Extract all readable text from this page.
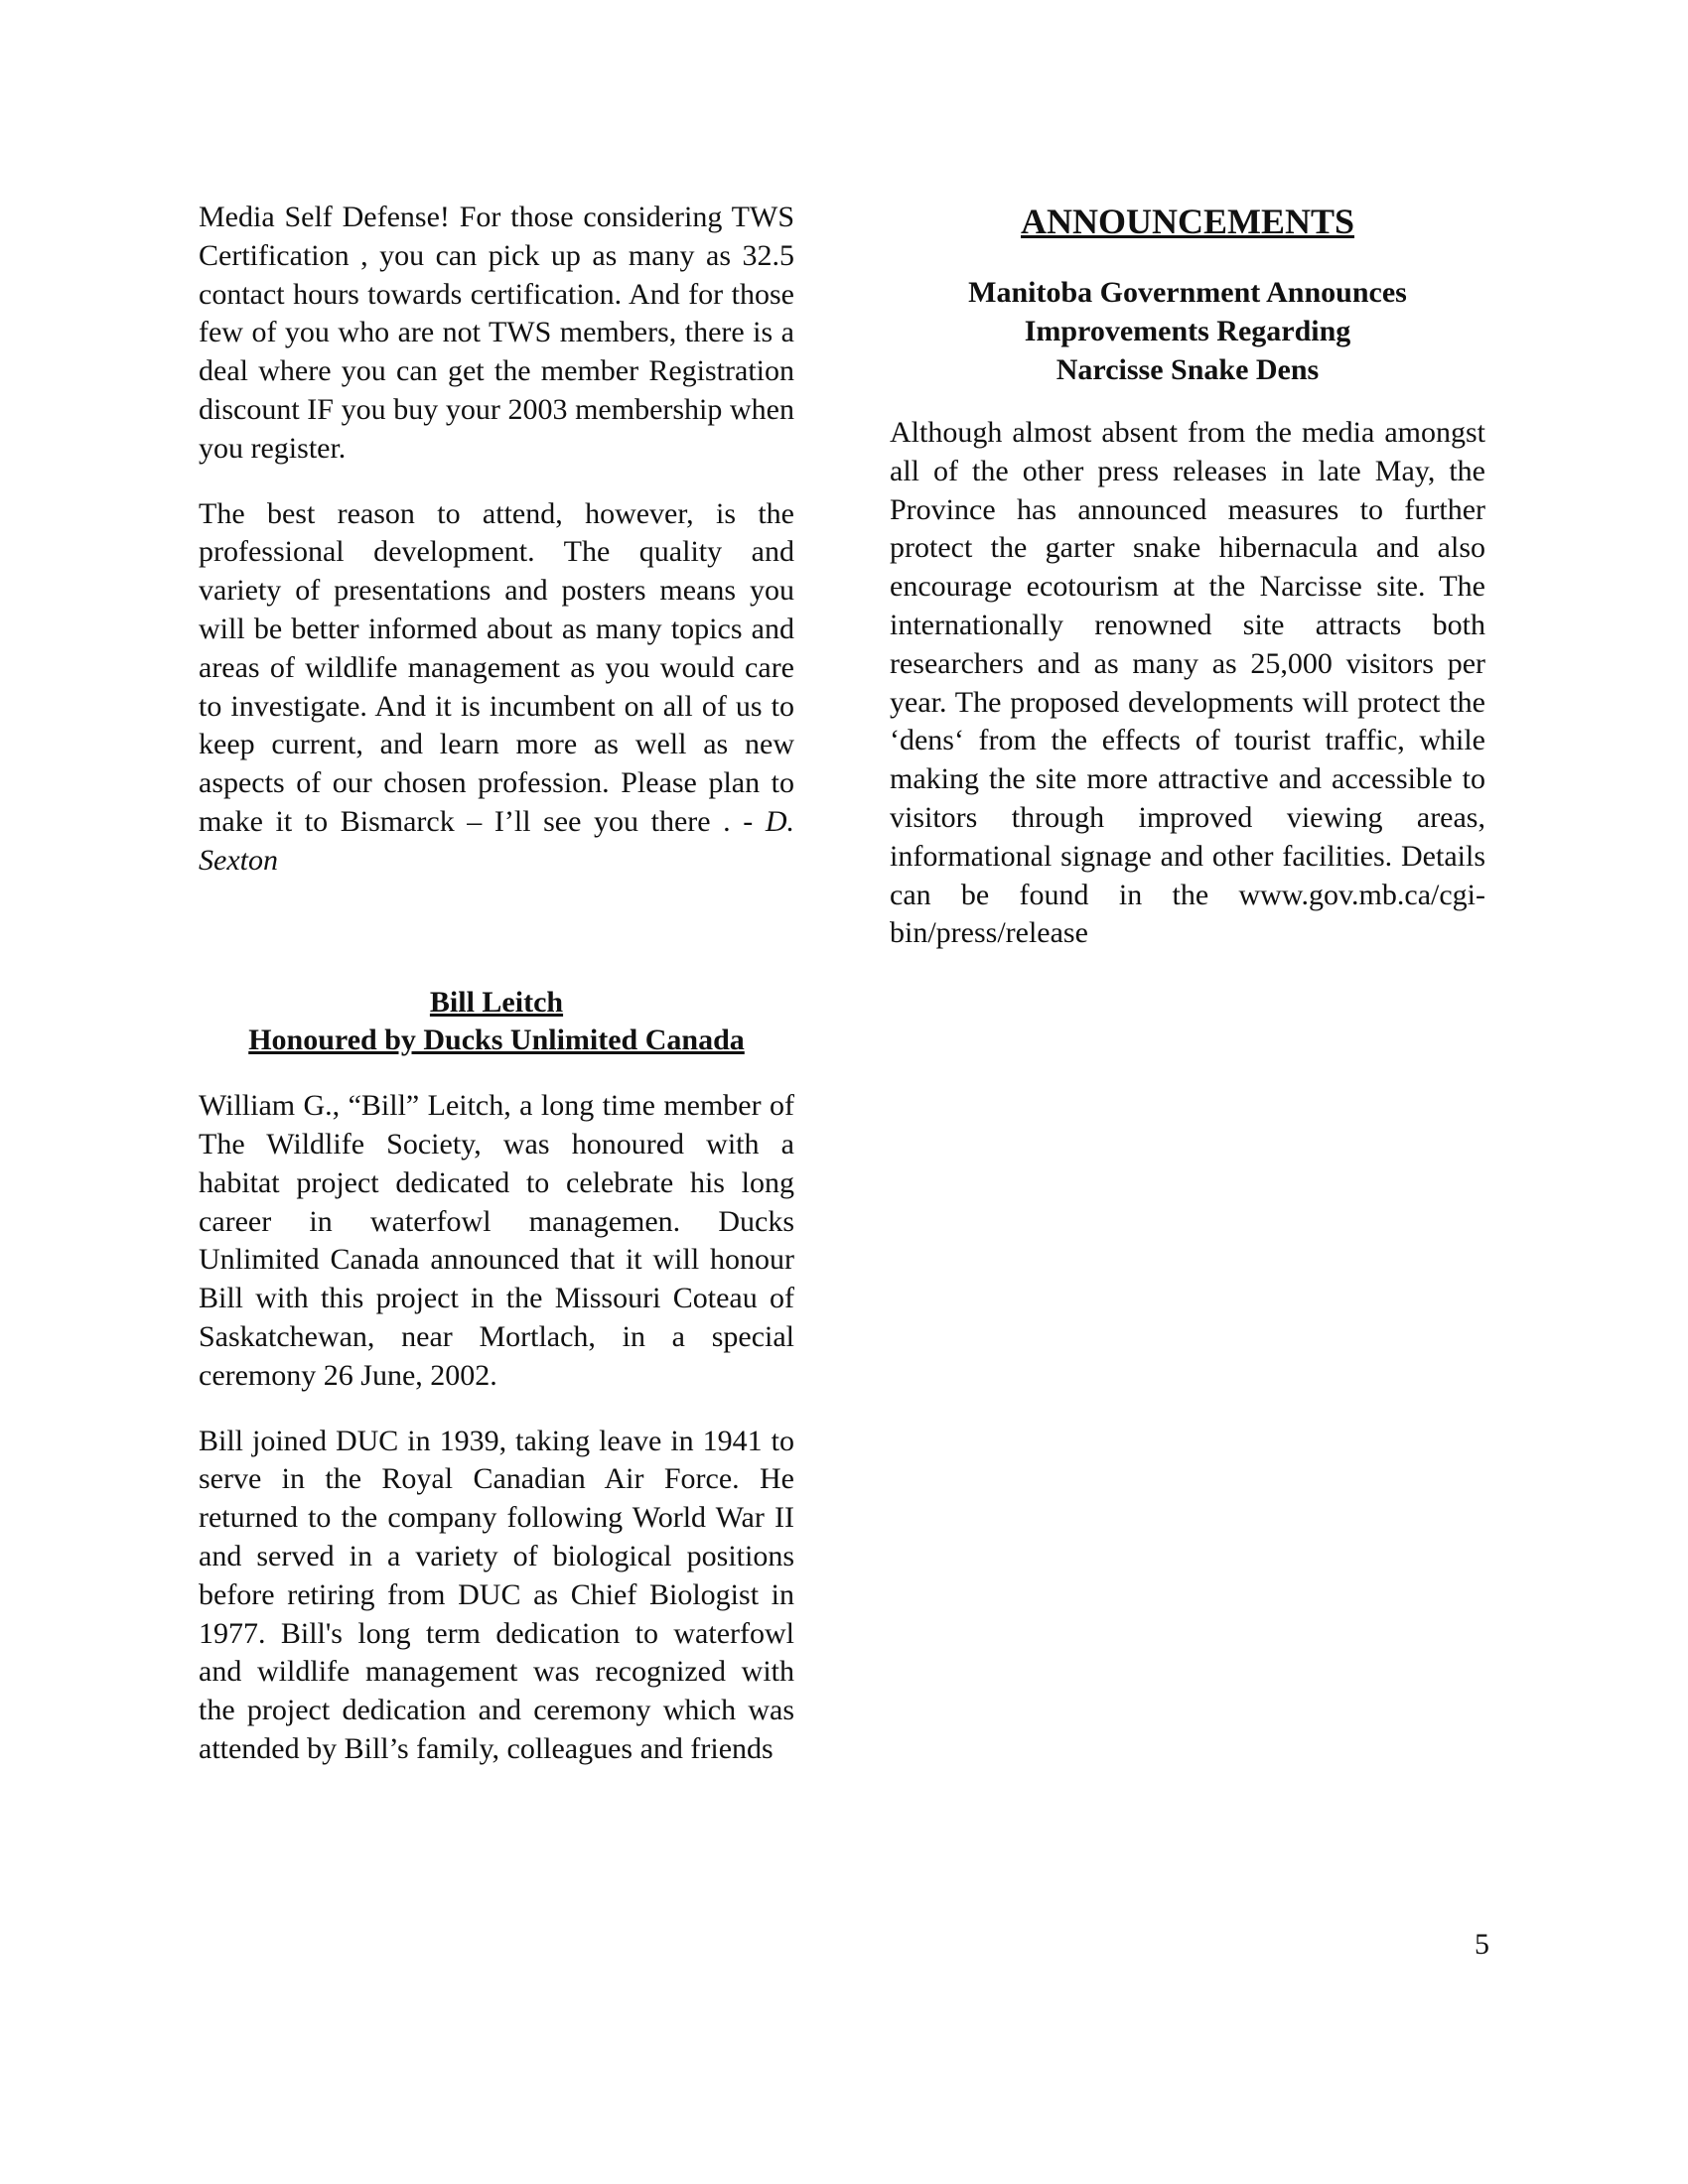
Media Self Defense! For those considering TWS Certification , you can pick up as many as 32.5 contact hours towards certification. And for those few of you who are not TWS members, there is a deal where you can get the member Registration discount IF you buy your 2003 membership when you register.

The best reason to attend, however, is the professional development. The quality and variety of presentations and posters means you will be better informed about as many topics and areas of wildlife management as you would care to investigate. And it is incumbent on all of us to keep current, and learn more as well as new aspects of our chosen profession. Please plan to make it to Bismarck – I’ll see you there . - D. Sexton

Bill Leitch
Honoured by Ducks Unlimited Canada

William G., “Bill” Leitch, a long time member of The Wildlife Society, was honoured with a habitat project dedicated to celebrate his long career in waterfowl managemen. Ducks Unlimited Canada announced that it will honour Bill with this project in the Missouri Coteau of Saskatchewan, near Mortlach, in a special ceremony 26 June, 2002.

Bill joined DUC in 1939, taking leave in 1941 to serve in the Royal Canadian Air Force. He returned to the company following World War II and served in a variety of biological positions before retiring from DUC as Chief Biologist in 1977. Bill's long term dedication to waterfowl and wildlife management was recognized with the project dedication and ceremony which was attended by Bill’s family, colleagues and friends

ANNOUNCEMENTS
Manitoba Government Announces
Improvements Regarding
Narcisse Snake Dens

Although almost absent from the media amongst all of the other press releases in late May, the Province has announced measures to further protect the garter snake hibernacula and also encourage ecotourism at the Narcisse site. The internationally renowned site attracts both researchers and as many as 25,000 visitors per year. The proposed developments will protect the ‘dens‘ from the effects of tourist traffic, while making the site more attractive and accessible to visitors through improved viewing areas, informational signage and other facilities. Details can be found in the www.gov.mb.ca/cgi-bin/press/release

5
